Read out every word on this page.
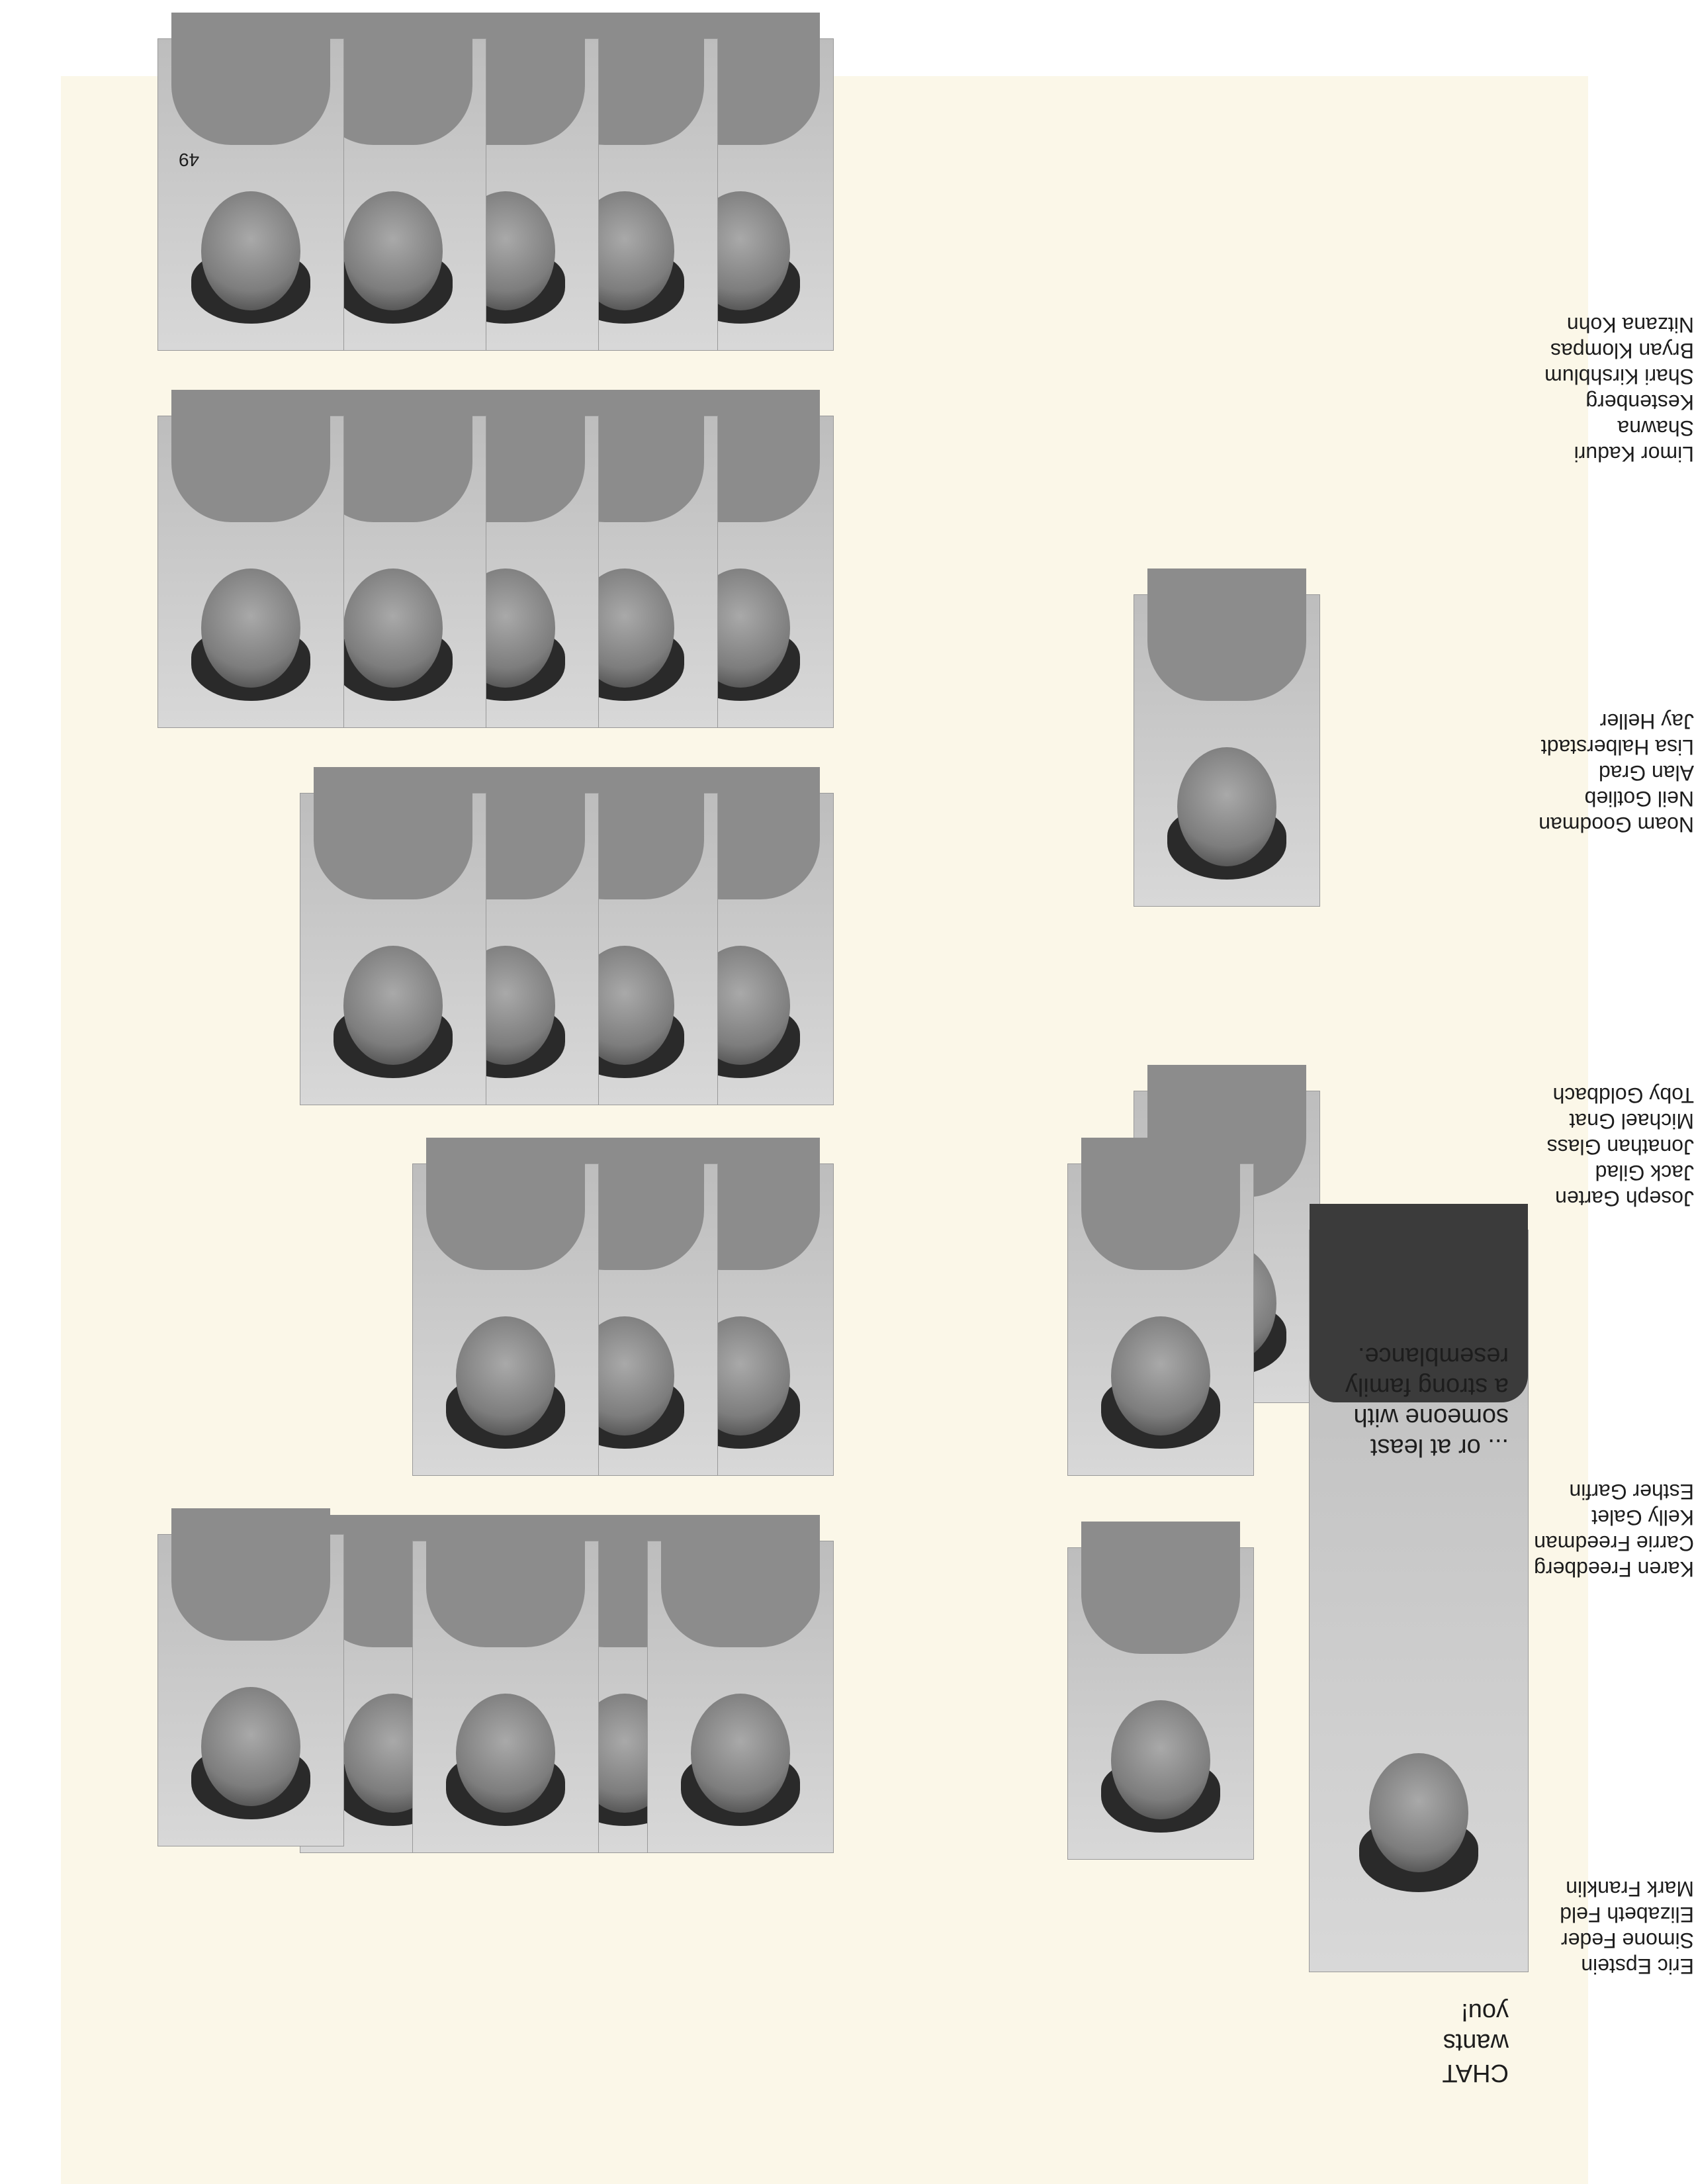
CHAT
wants
you!
... or at least
someone with
a strong family
resemblance.
Eric Epstein
Simone Feder
Elizabeth Feld
Mark Franklin
Karen Freedberg
Carrie Freedman
Kelly Galet
Esther Garfin
Joseph Garten
Jack Gilad
Jonathan Glass
Michael Gnat
Toby Goldbach
Noam Goodman
Neil Gotlieb
Alan Grad
Lisa Halberstadt
Jay Heller
Limor Kaduri
Shawna
Kestenberg
Shari Kirshblum
Bryan Klompas
Nitzana Kohn
49
